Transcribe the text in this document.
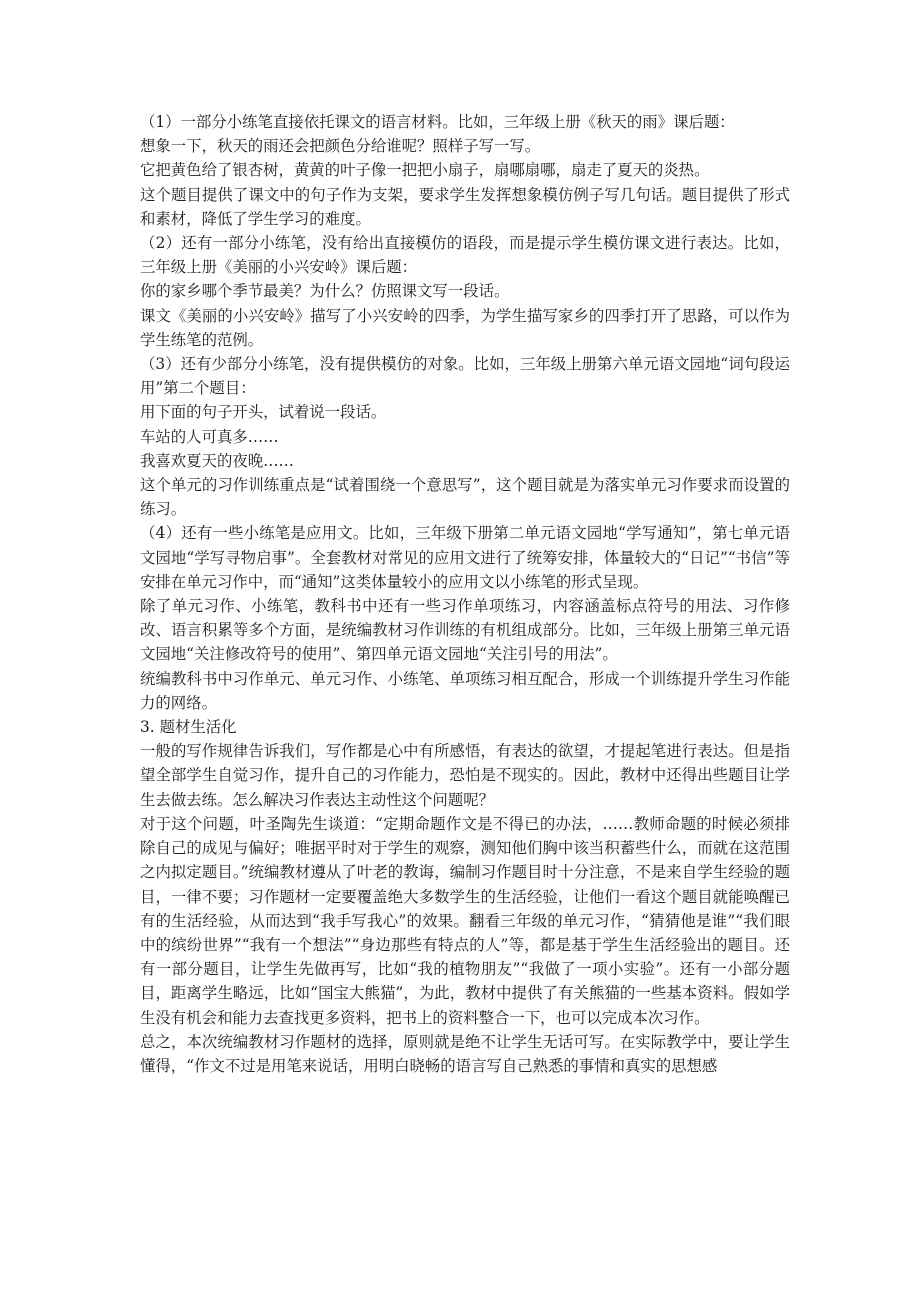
（1）一部分小练笔直接依托课文的语言材料。比如，三年级上册《秋天的雨》课后题：

想象一下，秋天的雨还会把颜色分给谁呢？照样子写一写。

它把黄色给了银杏树，黄黄的叶子像一把把小扇子，扇哪扇哪，扇走了夏天的炎热。

这个题目提供了课文中的句子作为支架，要求学生发挥想象模仿例子写几句话。题目提供了形式和素材，降低了学生学习的难度。

（2）还有一部分小练笔，没有给出直接模仿的语段，而是提示学生模仿课文进行表达。比如，三年级上册《美丽的小兴安岭》课后题：

你的家乡哪个季节最美？为什么？仿照课文写一段话。

课文《美丽的小兴安岭》描写了小兴安岭的四季，为学生描写家乡的四季打开了思路，可以作为学生练笔的范例。

（3）还有少部分小练笔，没有提供模仿的对象。比如，三年级上册第六单元语文园地“词句段运用”第二个题目：

用下面的句子开头，试着说一段话。

车站的人可真多……

我喜欢夏天的夜晚……

这个单元的习作训练重点是“试着围绕一个意思写”，这个题目就是为落实单元习作要求而设置的练习。

（4）还有一些小练笔是应用文。比如，三年级下册第二单元语文园地“学写通知”，第七单元语文园地“学写寻物启事”。全套教材对常见的应用文进行了统筹安排，体量较大的“日记”“书信”等安排在单元习作中，而“通知”这类体量较小的应用文以小练笔的形式呈现。

除了单元习作、小练笔，教科书中还有一些习作单项练习，内容涵盖标点符号的用法、习作修改、语言积累等多个方面，是统编教材习作训练的有机组成部分。比如，三年级上册第三单元语文园地“关注修改符号的使用”、第四单元语文园地“关注引号的用法”。

统编教科书中习作单元、单元习作、小练笔、单项练习相互配合，形成一个训练提升学生习作能力的网络。

3. 题材生活化

一般的写作规律告诉我们，写作都是心中有所感悟，有表达的欲望，才提起笔进行表达。但是指望全部学生自觉习作，提升自己的习作能力，恐怕是不现实的。因此，教材中还得出些题目让学生去做去练。怎么解决习作表达主动性这个问题呢？

对于这个问题，叶圣陶先生谈道：“定期命题作文是不得已的办法，……教师命题的时候必须排除自己的成见与偏好；唯据平时对于学生的观察，测知他们胸中该当积蓄些什么，而就在这范围之内拟定题目。”统编教材遵从了叶老的教诲，编制习作题目时十分注意，不是来自学生经验的题目，一律不要；习作题材一定要覆盖绝大多数学生的生活经验，让他们一看这个题目就能唤醒已有的生活经验，从而达到“我手写我心”的效果。翻看三年级的单元习作，“猜猜他是谁”“我们眼中的缤纷世界”“我有一个想法”“身边那些有特点的人”等，都是基于学生生活经验出的题目。还有一部分题目，让学生先做再写，比如“我的植物朋友”“我做了一项小实验”。还有一小部分题目，距离学生略远，比如“国宝大熊猫”，为此，教材中提供了有关熊猫的一些基本资料。假如学生没有机会和能力去查找更多资料，把书上的资料整合一下，也可以完成本次习作。

总之，本次统编教材习作题材的选择，原则就是绝不让学生无话可写。在实际教学中，要让学生懂得，“作文不过是用笔来说话，用明白晓畅的语言写自己熟悉的事情和真实的思想感
